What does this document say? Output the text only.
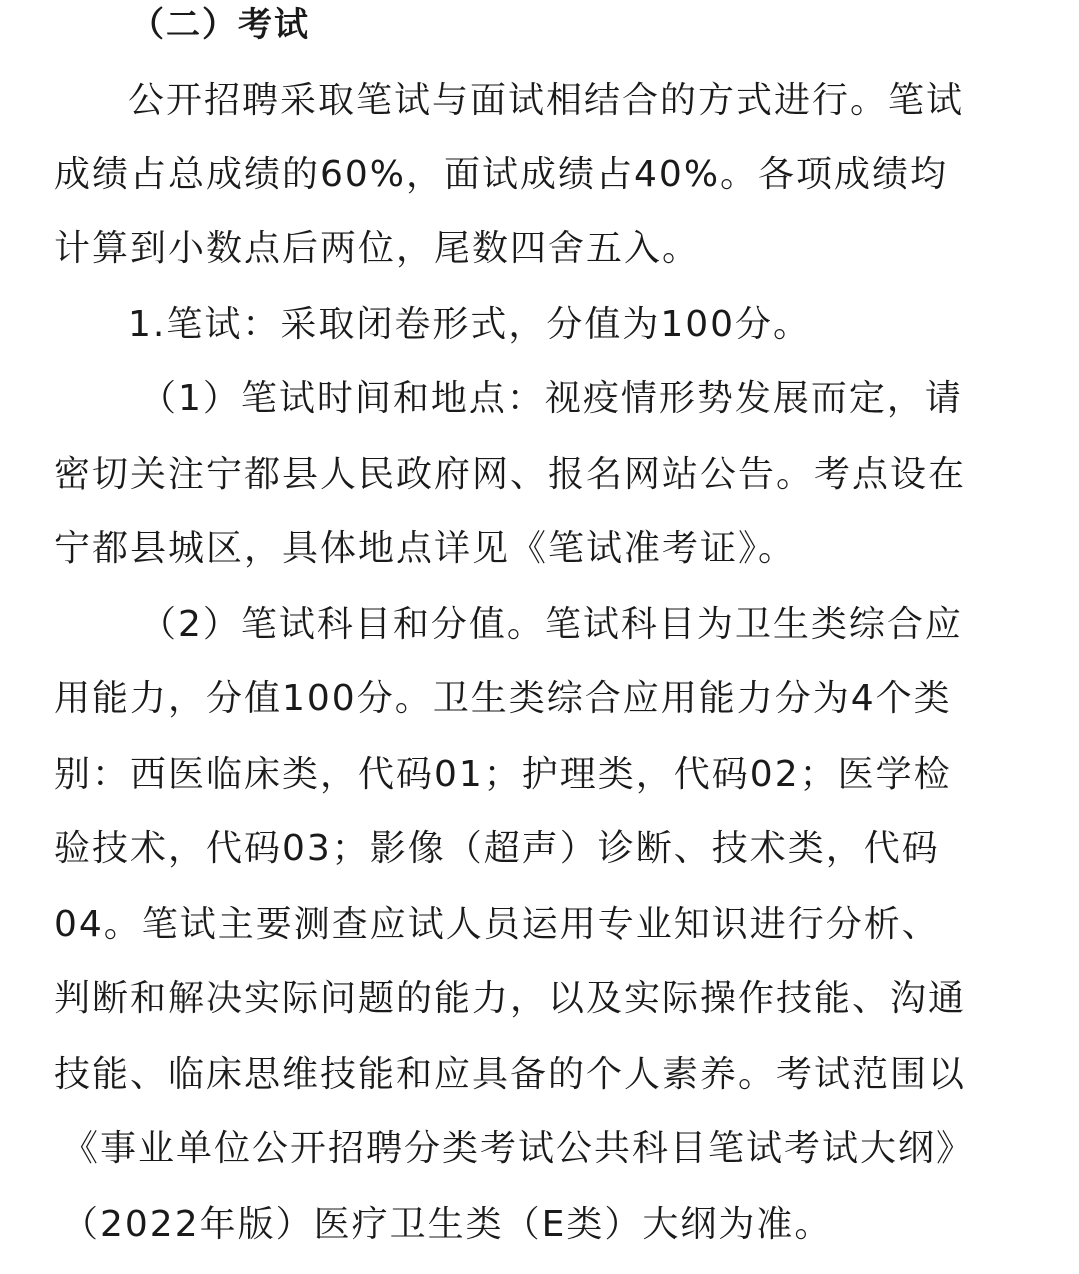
（二）考试
公开招聘采取笔试与面试相结合的方式进行。笔试
成绩占总成绩的60%，面试成绩占40%。各项成绩均
计算到小数点后两位，尾数四舍五入。
1.笔试：采取闭卷形式，分值为100分。
（1）笔试时间和地点：视疫情形势发展而定，请
密切关注宁都县人民政府网、报名网站公告。考点设在
宁都县城区，具体地点详见《笔试准考证》。
（2）笔试科目和分值。笔试科目为卫生类综合应
用能力，分值100分。卫生类综合应用能力分为4个类
别：西医临床类，代码01；护理类，代码02；医学检
验技术，代码03；影像（超声）诊断、技术类，代码
04。笔试主要测查应试人员运用专业知识进行分析、
判断和解决实际问题的能力，以及实际操作技能、沟通
技能、临床思维技能和应具备的个人素养。考试范围以
《事业单位公开招聘分类考试公共科目笔试考试大纲》
（2022年版）医疗卫生类（E类）大纲为准。
